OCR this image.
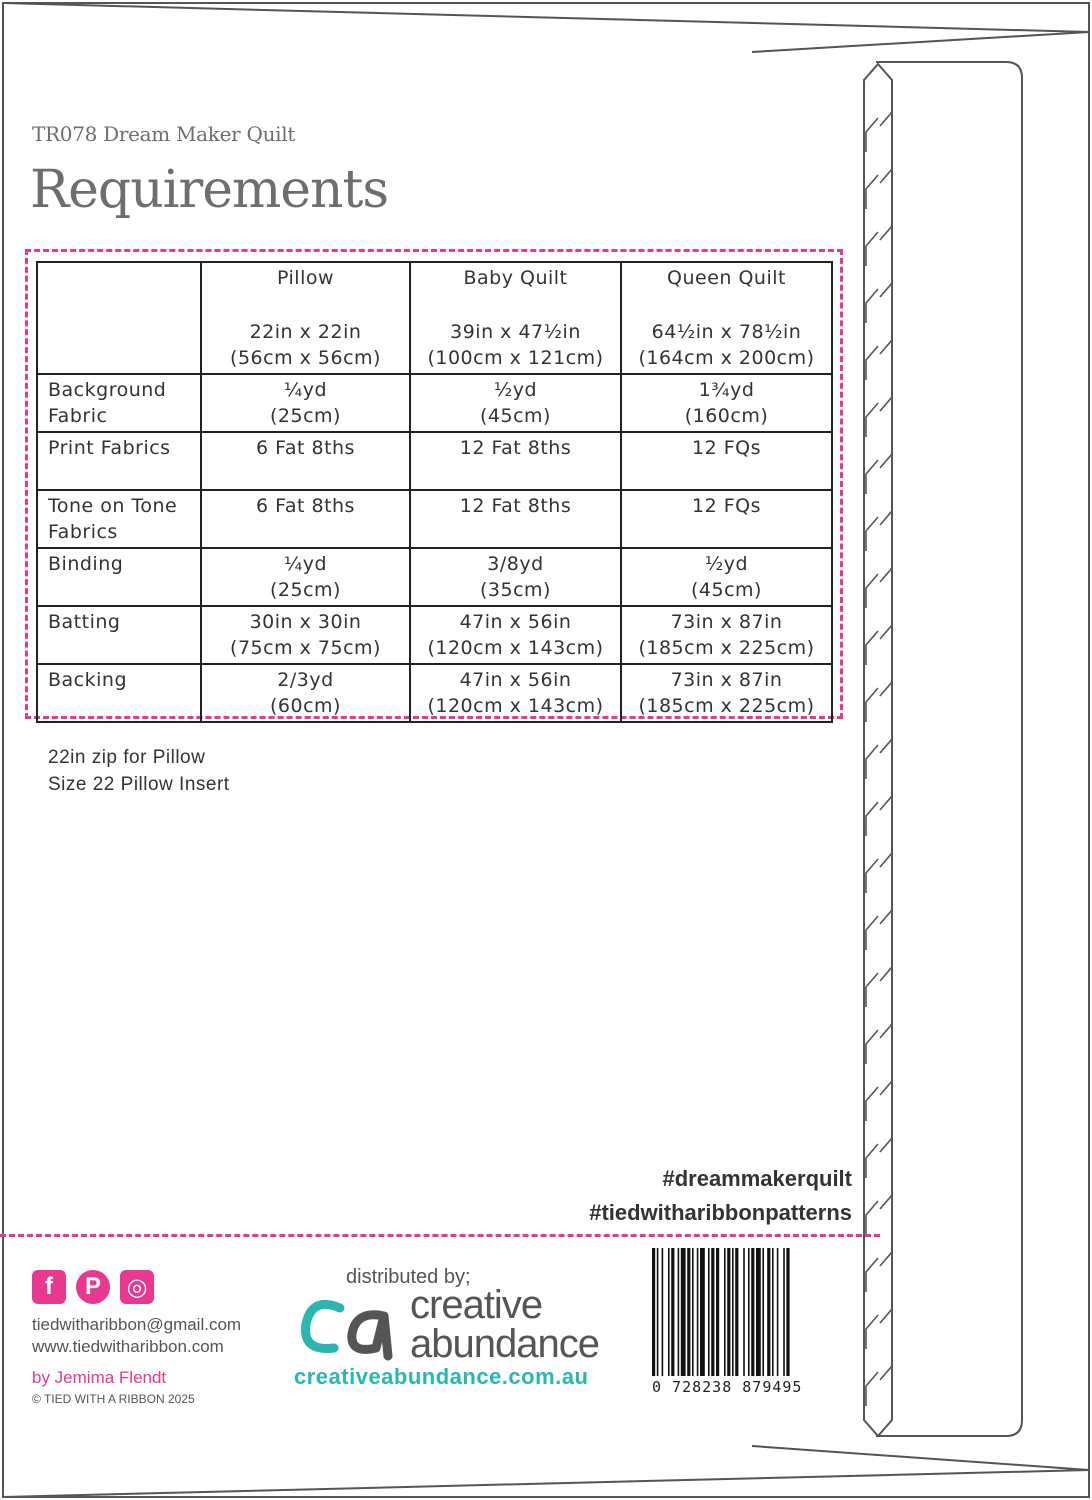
TR078 Dream Maker Quilt
Requirements

	Pillow
22in x 22in
(56cm x 56cm)	Baby Quilt
39in x 47½in
(100cm x 121cm)	Queen Quilt
64½in x 78½in
(164cm x 200cm)

Background
Fabric	¼yd
(25cm)	½yd
(45cm)	1¾yd
(160cm)

Print Fabrics	6 Fat 8ths	12 Fat 8ths	12 FQs

Tone on Tone
Fabrics	6 Fat 8ths	12 Fat 8ths	12 FQs

Binding	¼yd
(25cm)	3/8yd
(35cm)	½yd
(45cm)

Batting	30in x 30in
(75cm x 75cm)	47in x 56in
(120cm x 143cm)	73in x 87in
(185cm x 225cm)

Backing	2/3yd
(60cm)	47in x 56in
(120cm x 143cm)	73in x 87in
(185cm x 225cm)
22in zip for Pillow
Size 22 Pillow Insert
#dreammakerquilt
#tiedwitharibbonpatterns
f	P	◎
tiedwitharibbon@gmail.com
www.tiedwitharibbon.com
by Jemima Flendt
© TIED WITH A RIBBON 2025
distributed by;
creative
abundance
creativeabundance.com.au	0 728238 879495
